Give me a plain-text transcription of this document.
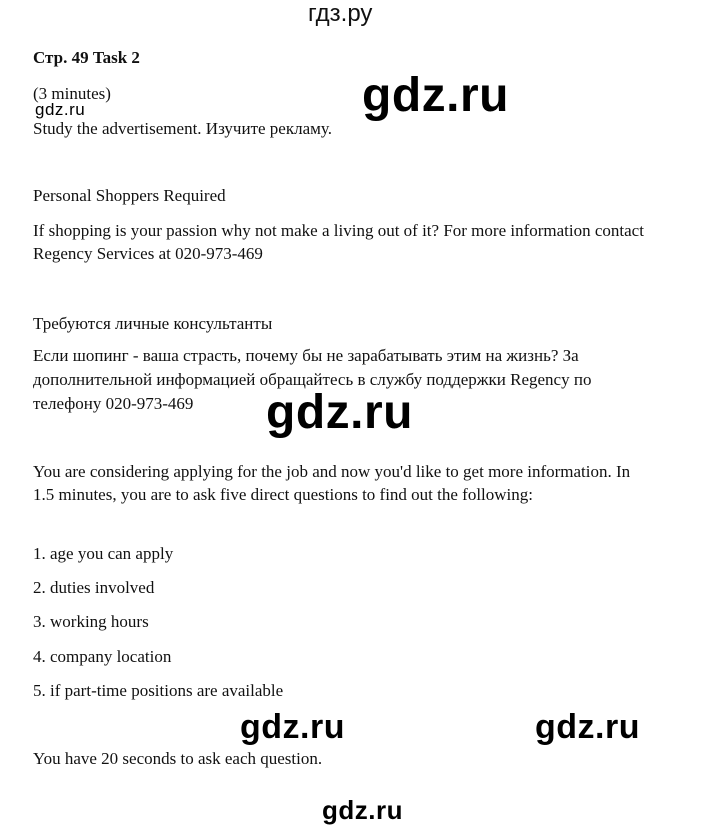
гдз.ру
Стр. 49 Task 2
(3 minutes)	gdz.ru
gdz.ru
Study the advertisement. Изучите рекламу.
Personal Shoppers Required
If shopping is your passion why not make a living out of it? For more information contact Regency Services at 020-973-469
Требуются личные консультанты
Если шопинг - ваша страсть, почему бы не зарабатывать этим на жизнь? За дополнительной информацией обращайтесь в службу поддержки Regency по телефону 020-973-469	gdz.ru
You are considering applying for the job and now you'd like to get more information. In 1.5 minutes, you are to ask five direct questions to find out the following:
1. age you can apply
2. duties involved
3. working hours
4. company location
5. if part-time positions are available
gdz.ru	gdz.ru
You have 20 seconds to ask each question.
gdz.ru
